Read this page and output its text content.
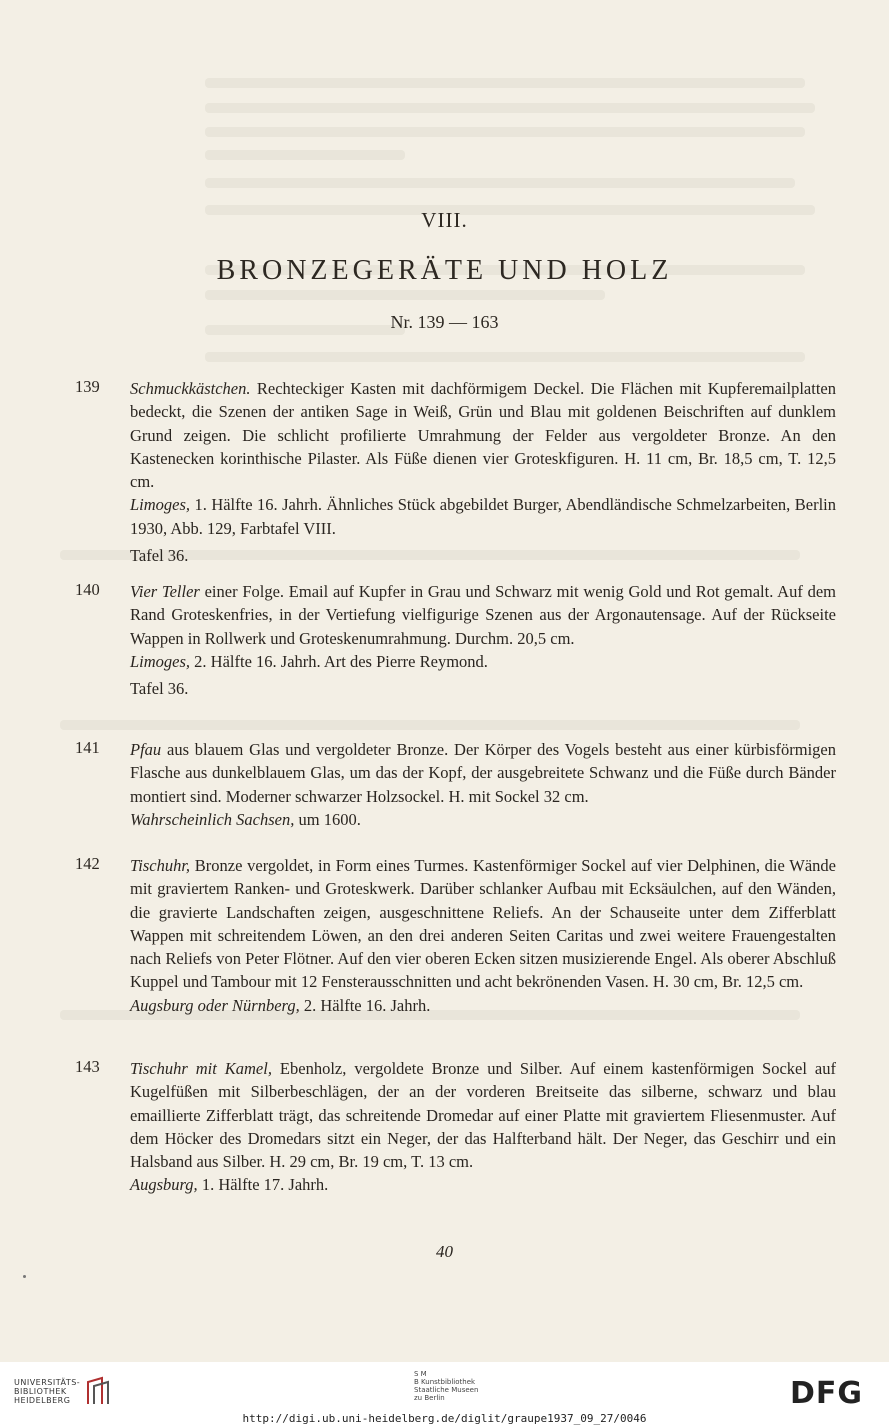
VIII.
BRONZEGERÄTE UND HOLZ
Nr. 139 — 163
139 Schmuckkästchen. Rechteckiger Kasten mit dachförmigem Deckel. Die Flächen mit Kupferemailplatten bedeckt, die Szenen der antiken Sage in Weiß, Grün und Blau mit goldenen Beischriften auf dunklem Grund zeigen. Die schlicht profilierte Umrahmung der Felder aus vergoldeter Bronze. An den Kastenecken korinthische Pilaster. Als Füße dienen vier Groteskfiguren. H. 11 cm, Br. 18,5 cm, T. 12,5 cm.
Limoges, 1. Hälfte 16. Jahrh. Ähnliches Stück abgebildet Burger, Abendländische Schmelzarbeiten, Berlin 1930, Abb. 129, Farbtafel VIII.
Tafel 36.
140 Vier Teller einer Folge. Email auf Kupfer in Grau und Schwarz mit wenig Gold und Rot gemalt. Auf dem Rand Groteskenfries, in der Vertiefung vielfigurige Szenen aus der Argonautensage. Auf der Rückseite Wappen in Rollwerk und Groteskenumrahmung. Durchm. 20,5 cm.
Limoges, 2. Hälfte 16. Jahrh. Art des Pierre Reymond.
Tafel 36.
141 Pfau aus blauem Glas und vergoldeter Bronze. Der Körper des Vogels besteht aus einer kürbisförmigen Flasche aus dunkelblauem Glas, um das der Kopf, der ausgebreitete Schwanz und die Füße durch Bänder montiert sind. Moderner schwarzer Holzsockel. H. mit Sockel 32 cm.
Wahrscheinlich Sachsen, um 1600.
142 Tischuhr, Bronze vergoldet, in Form eines Turmes. Kastenförmiger Sockel auf vier Delphinen, die Wände mit graviertem Ranken- und Groteskwerk. Darüber schlanker Aufbau mit Ecksäulchen, auf den Wänden, die gravierte Landschaften zeigen, ausgeschnittene Reliefs. An der Schauseite unter dem Zifferblatt Wappen mit schreitendem Löwen, an den drei anderen Seiten Caritas und zwei weitere Frauengestalten nach Reliefs von Peter Flötner. Auf den vier oberen Ecken sitzen musizierende Engel. Als oberer Abschluß Kuppel und Tambour mit 12 Fensterausschnitten und acht bekrönenden Vasen. H. 30 cm, Br. 12,5 cm.
Augsburg oder Nürnberg, 2. Hälfte 16. Jahrh.
143 Tischuhr mit Kamel, Ebenholz, vergoldete Bronze und Silber. Auf einem kastenförmigen Sockel auf Kugelfüßen mit Silberbeschlägen, der an der vorderen Breitseite das silberne, schwarz und blau emaillierte Zifferblatt trägt, das schreitende Dromedar auf einer Platte mit graviertem Fliesenmuster. Auf dem Höcker des Dromedars sitzt ein Neger, der das Halfterband hält. Der Neger, das Geschirr und ein Halsband aus Silber. H. 29 cm, Br. 19 cm, T. 13 cm.
Augsburg, 1. Hälfte 17. Jahrh.
40
UNIVERSITÄTS-
BIBLIOTHEK
HEIDELBERG
S M
B Kunstbibliothek
Staatliche Museen
zu Berlin	DFG
http://digi.ub.uni-heidelberg.de/diglit/graupe1937_09_27/0046
